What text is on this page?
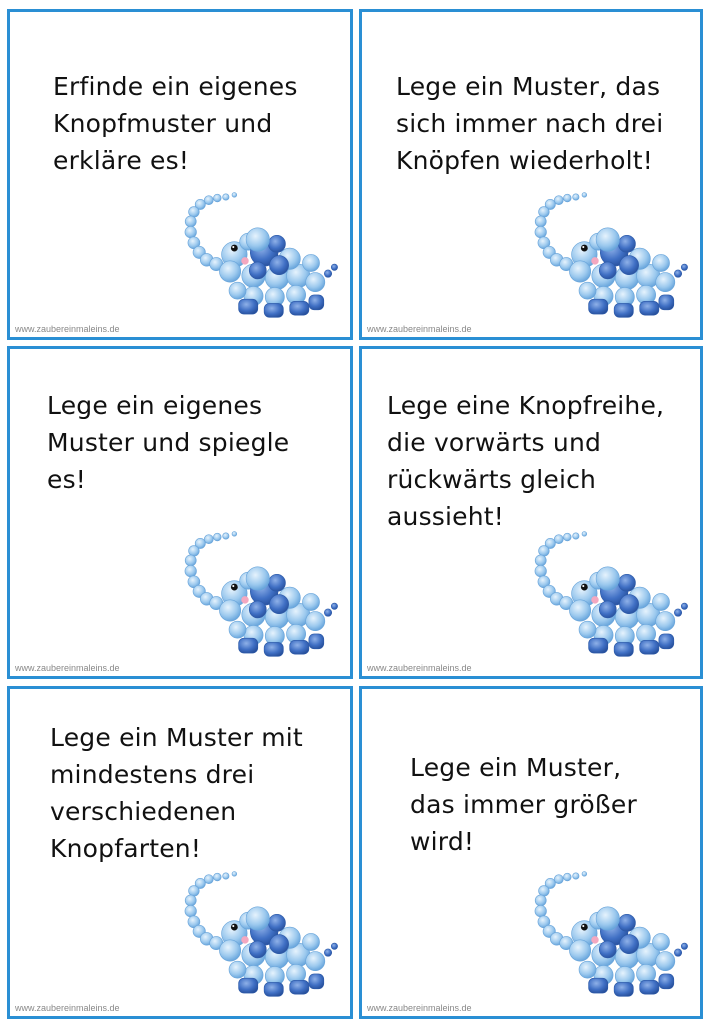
Erfinde ein eigenes
Knopfmuster und
erkläre es!
www.zaubereinmaleins.de
Lege ein Muster, das
sich immer nach drei
Knöpfen wiederholt!
www.zaubereinmaleins.de
Lege ein eigenes
Muster und spiegle
es!
www.zaubereinmaleins.de
Lege eine Knopfreihe,
die vorwärts und
rückwärts gleich
aussieht!
www.zaubereinmaleins.de
Lege ein Muster mit
mindestens drei
verschiedenen
Knopfarten!
www.zaubereinmaleins.de
Lege ein Muster,
das immer größer
wird!
www.zaubereinmaleins.de
